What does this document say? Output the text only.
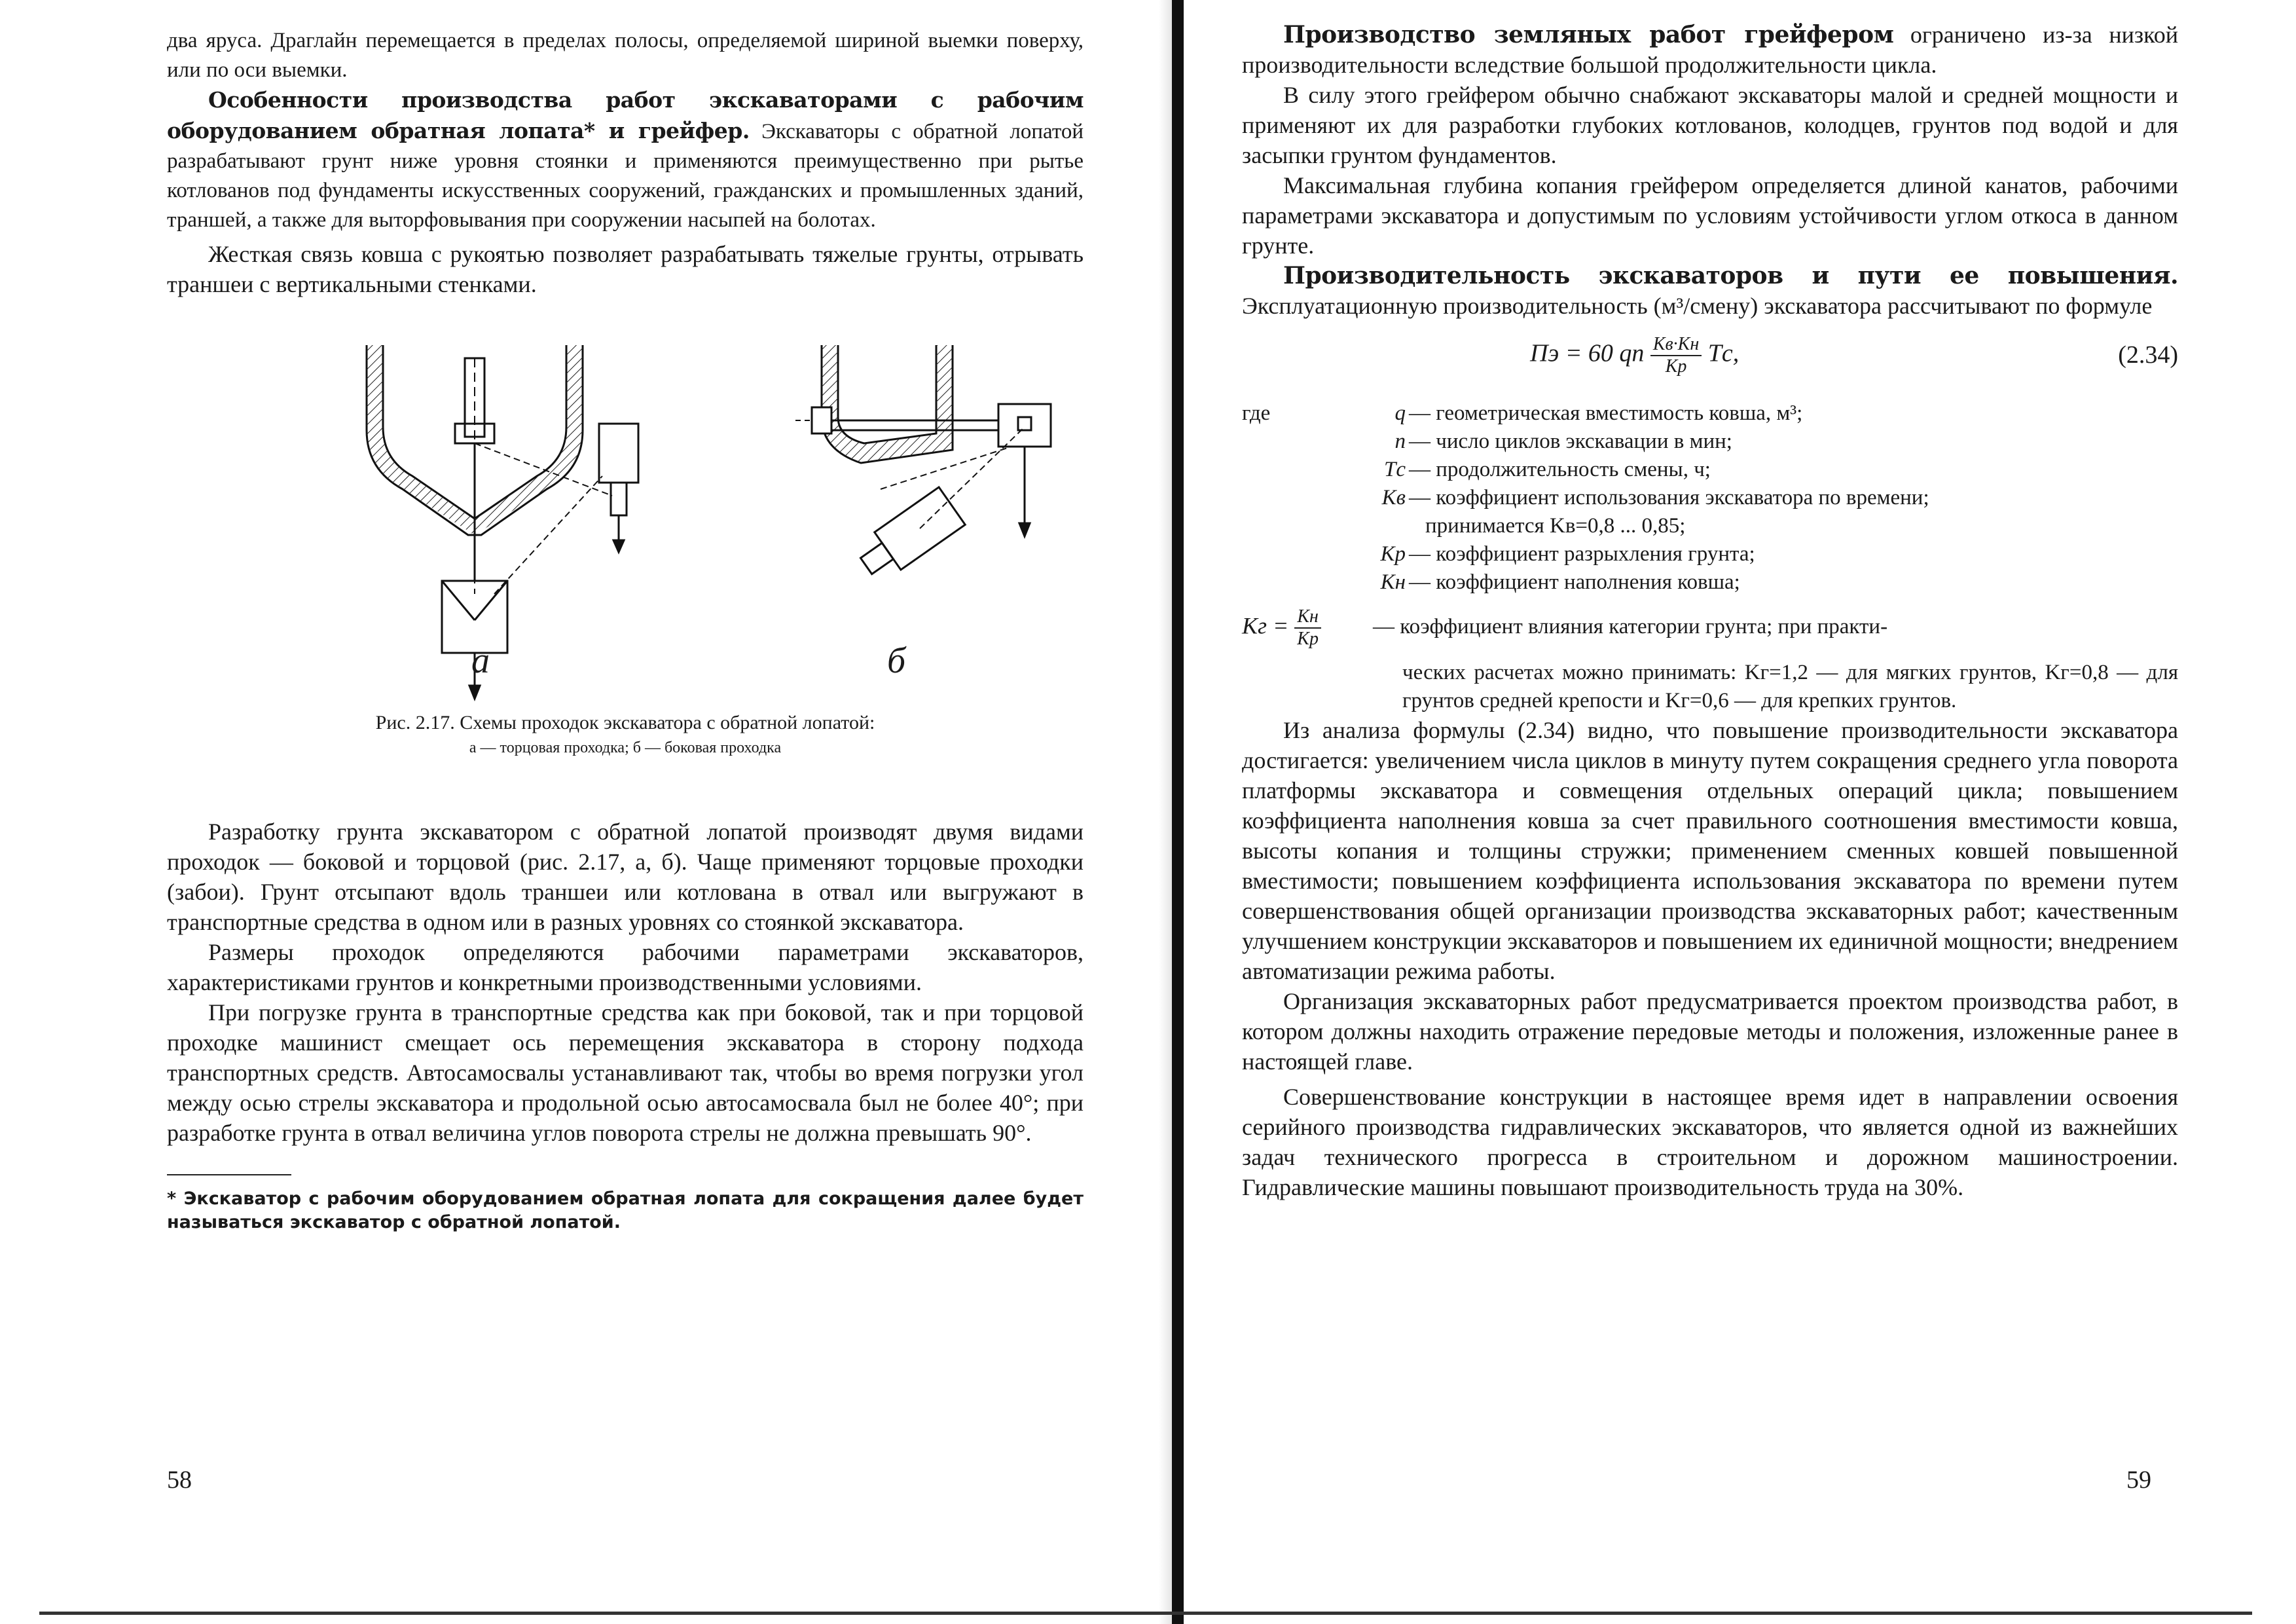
два яруса. Драглайн перемещается в пределах полосы, определяемой шириной выемки поверху, или по оси выемки.

Особенности производства работ экскаваторами с рабочим оборудованием обратная лопата* и грейфер. Экскаваторы с обратной лопатой разрабатывают грунт ниже уровня стоянки и применяются преимущественно при рытье котлованов под фундаменты искусственных сооружений, гражданских и промышленных зданий, траншей, а также для выторфовывания при сооружении насыпей на болотах.

Жесткая связь ковша с рукоятью позволяет разрабатывать тяжелые грунты, отрывать траншеи с вертикальными стенками.

а	б
Рис. 2.17. Схемы проходок экскаватора с обратной лопатой:
а — торцовая проходка; б — боковая проходка

Разработку грунта экскаватором с обратной лопатой производят двумя видами проходок — боковой и торцовой (рис. 2.17, а, б). Чаще применяют торцовые проходки (забои). Грунт отсыпают вдоль траншеи или котлована в отвал или выгружают в транспортные средства в одном или в разных уровнях со стоянкой экскаватора.

Размеры проходок определяются рабочими параметрами экскаваторов, характеристиками грунтов и конкретными производственными условиями.

При погрузке грунта в транспортные средства как при боковой, так и при торцовой проходке машинист смещает ось перемещения экскаватора в сторону подхода транспортных средств. Автосамосвалы устанавливают так, чтобы во время погрузки угол между осью стрелы экскаватора и продольной осью автосамосвала был не более 40°; при разработке грунта в отвал величина углов поворота стрелы не должна превышать 90°.

* Экскаватор с рабочим оборудованием обратная лопата для сокращения далее будет называться экскаватор с обратной лопатой.

58

Производство земляных работ грейфером ограничено из-за низкой производительности вследствие большой продолжительности цикла.

В силу этого грейфером обычно снабжают экскаваторы малой и средней мощности и применяют их для разработки глубоких котлованов, колодцев, грунтов под водой и для засыпки грунтом фундаментов.

Максимальная глубина копания грейфером определяется длиной канатов, рабочими параметрами экскаватора и допустимым по условиям устойчивости углом откоса в данном грунте.

Производительность экскаваторов и пути ее повышения. Эксплуатационную производительность (м³/смену) экскаватора рассчитывают по формуле

Пэ = 60 qn $\frac{Kв\cdot Kн}{Kр}$ Tс,	(2.34)
где	q — геометрическая вместимость ковша, м³;
n — число циклов экскавации в мин;
Tс — продолжительность смены, ч;
Kв — коэффициент использования экскаватора по времени;
принимается Kв=0,8 ... 0,85;
Kр — коэффициент разрыхления грунта;
Kн — коэффициент наполнения ковша;
Kг = $\frac{Kн}{Kр}$ — коэффициент влияния категории грунта; при практи-
ческих расчетах можно принимать: Kг=1,2 — для мягких грунтов, Kг=0,8 — для грунтов средней крепости и Kг=0,6 — для крепких грунтов.

Из анализа формулы (2.34) видно, что повышение производительности экскаватора достигается: увеличением числа циклов в минуту путем сокращения среднего угла поворота платформы экскаватора и совмещения отдельных операций цикла; повышением коэффициента наполнения ковша за счет правильного соотношения вместимости ковша, высоты копания и толщины стружки; применением сменных ковшей повышенной вместимости; повышением коэффициента использования экскаватора по времени путем совершенствования общей организации производства экскаваторных работ; качественным улучшением конструкции экскаваторов и повышением их единичной мощности; внедрением автоматизации режима работы.

Организация экскаваторных работ предусматривается проектом производства работ, в котором должны находить отражение передовые методы и положения, изложенные ранее в настоящей главе.

Совершенствование конструкции в настоящее время идет в направлении освоения серийного производства гидравлических экскаваторов, что является одной из важнейших задач технического прогресса в строительном и дорожном машиностроении. Гидравлические машины повышают производительность труда на 30%.

59
